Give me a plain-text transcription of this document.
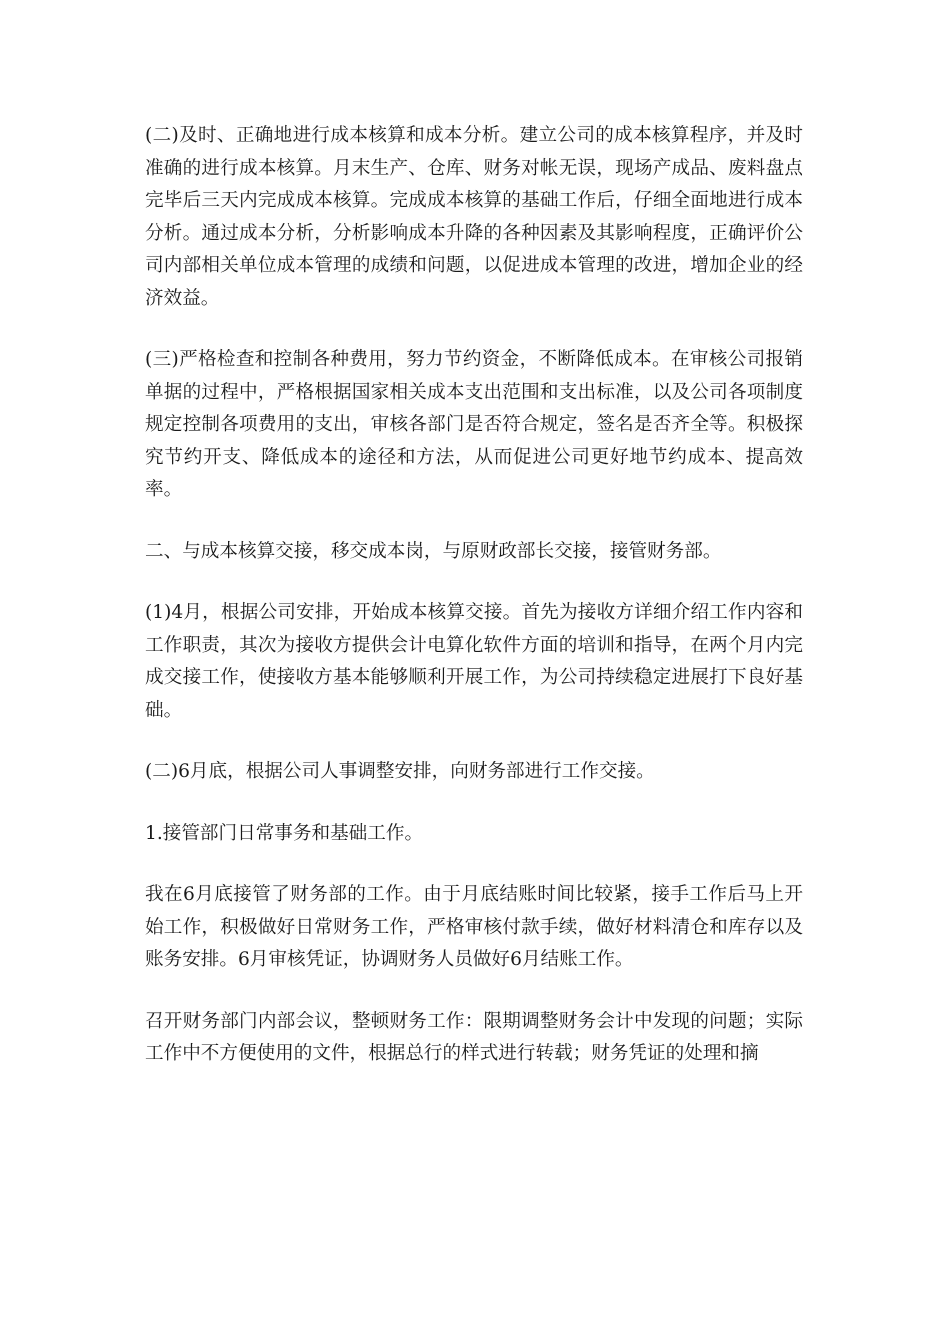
(二)及时、正确地进行成本核算和成本分析。建立公司的成本核算程序，并及时准确的进行成本核算。月末生产、仓库、财务对帐无误，现场产成品、废料盘点完毕后三天内完成成本核算。完成成本核算的基础工作后，仔细全面地进行成本分析。通过成本分析，分析影响成本升降的各种因素及其影响程度，正确评价公司内部相关单位成本管理的成绩和问题，以促进成本管理的改进，增加企业的经济效益。

(三)严格检查和控制各种费用，努力节约资金，不断降低成本。在审核公司报销单据的过程中，严格根据国家相关成本支出范围和支出标准，以及公司各项制度规定控制各项费用的支出，审核各部门是否符合规定，签名是否齐全等。积极探究节约开支、降低成本的途径和方法，从而促进公司更好地节约成本、提高效率。

二、与成本核算交接，移交成本岗，与原财政部长交接，接管财务部。

(1)4月，根据公司安排，开始成本核算交接。首先为接收方详细介绍工作内容和工作职责，其次为接收方提供会计电算化软件方面的培训和指导，在两个月内完成交接工作，使接收方基本能够顺利开展工作，为公司持续稳定进展打下良好基础。

(二)6月底，根据公司人事调整安排，向财务部进行工作交接。

1.接管部门日常事务和基础工作。

我在6月底接管了财务部的工作。由于月底结账时间比较紧，接手工作后马上开始工作，积极做好日常财务工作，严格审核付款手续，做好材料清仓和库存以及账务安排。6月审核凭证，协调财务人员做好6月结账工作。

召开财务部门内部会议，整顿财务工作：限期调整财务会计中发现的问题；实际工作中不方便使用的文件，根据总行的样式进行转载；财务凭证的处理和摘
